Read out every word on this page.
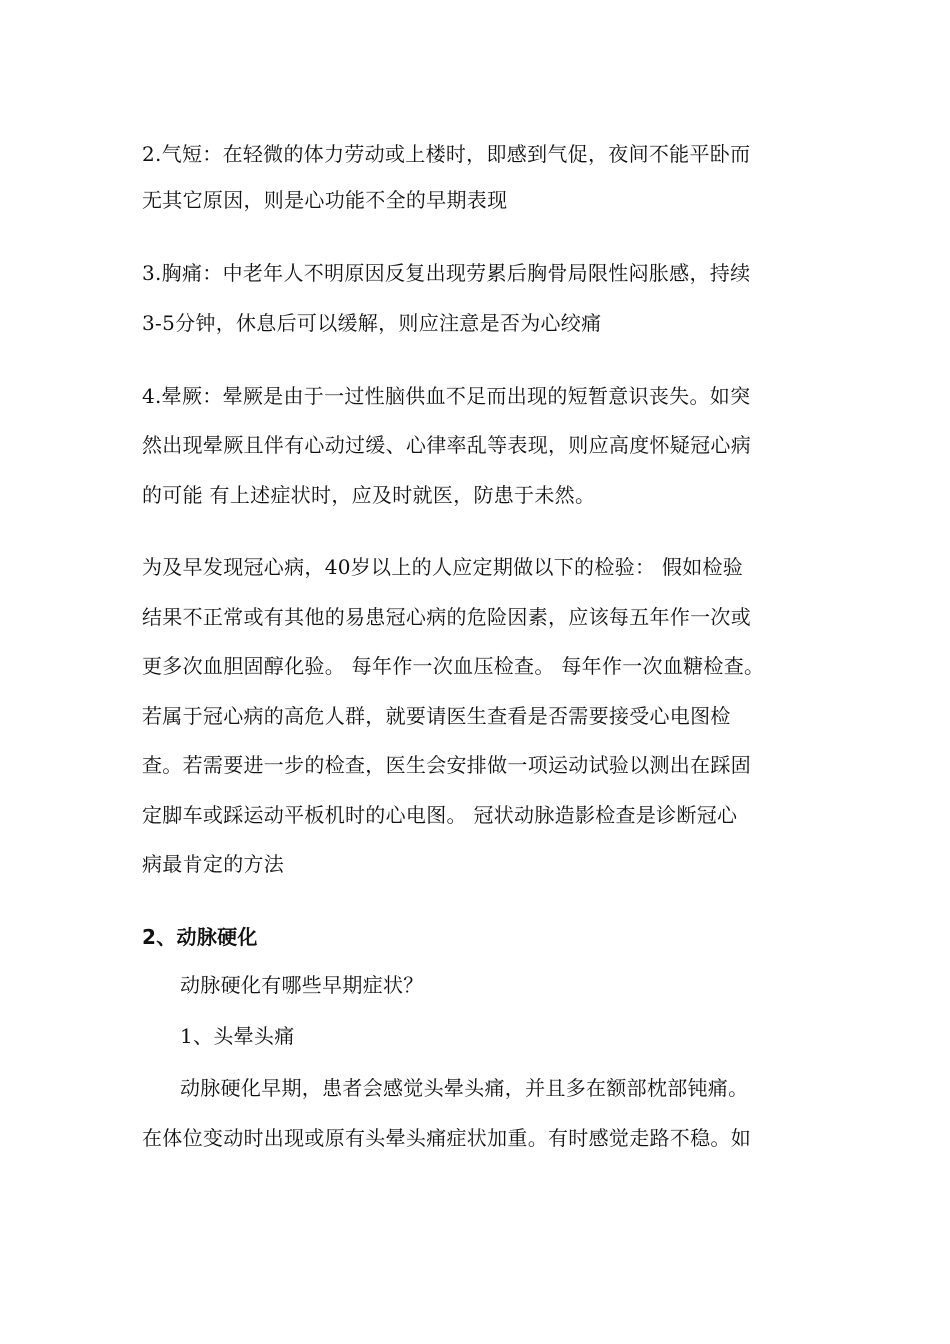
2.气短：在轻微的体力劳动或上楼时，即感到气促，夜间不能平卧而
无其它原因，则是心功能不全的早期表现
3.胸痛：中老年人不明原因反复出现劳累后胸骨局限性闷胀感，持续
3-5分钟，休息后可以缓解，则应注意是否为心绞痛
4.晕厥：晕厥是由于一过性脑供血不足而出现的短暂意识丧失。如突
然出现晕厥且伴有心动过缓、心律率乱等表现，则应高度怀疑冠心病
的可能 有上述症状时，应及时就医，防患于未然。
为及早发现冠心病，40岁以上的人应定期做以下的检验： 假如检验
结果不正常或有其他的易患冠心病的危险因素，应该每五年作一次或
更多次血胆固醇化验。 每年作一次血压检查。 每年作一次血糖检查。
若属于冠心病的高危人群，就要请医生查看是否需要接受心电图检
查。若需要进一步的检查，医生会安排做一项运动试验以测出在踩固
定脚车或踩运动平板机时的心电图。 冠状动脉造影检查是诊断冠心
病最肯定的方法
2、动脉硬化
动脉硬化有哪些早期症状？
1、头晕头痛
动脉硬化早期，患者会感觉头晕头痛，并且多在额部枕部钝痛。
在体位变动时出现或原有头晕头痛症状加重。有时感觉走路不稳。如
